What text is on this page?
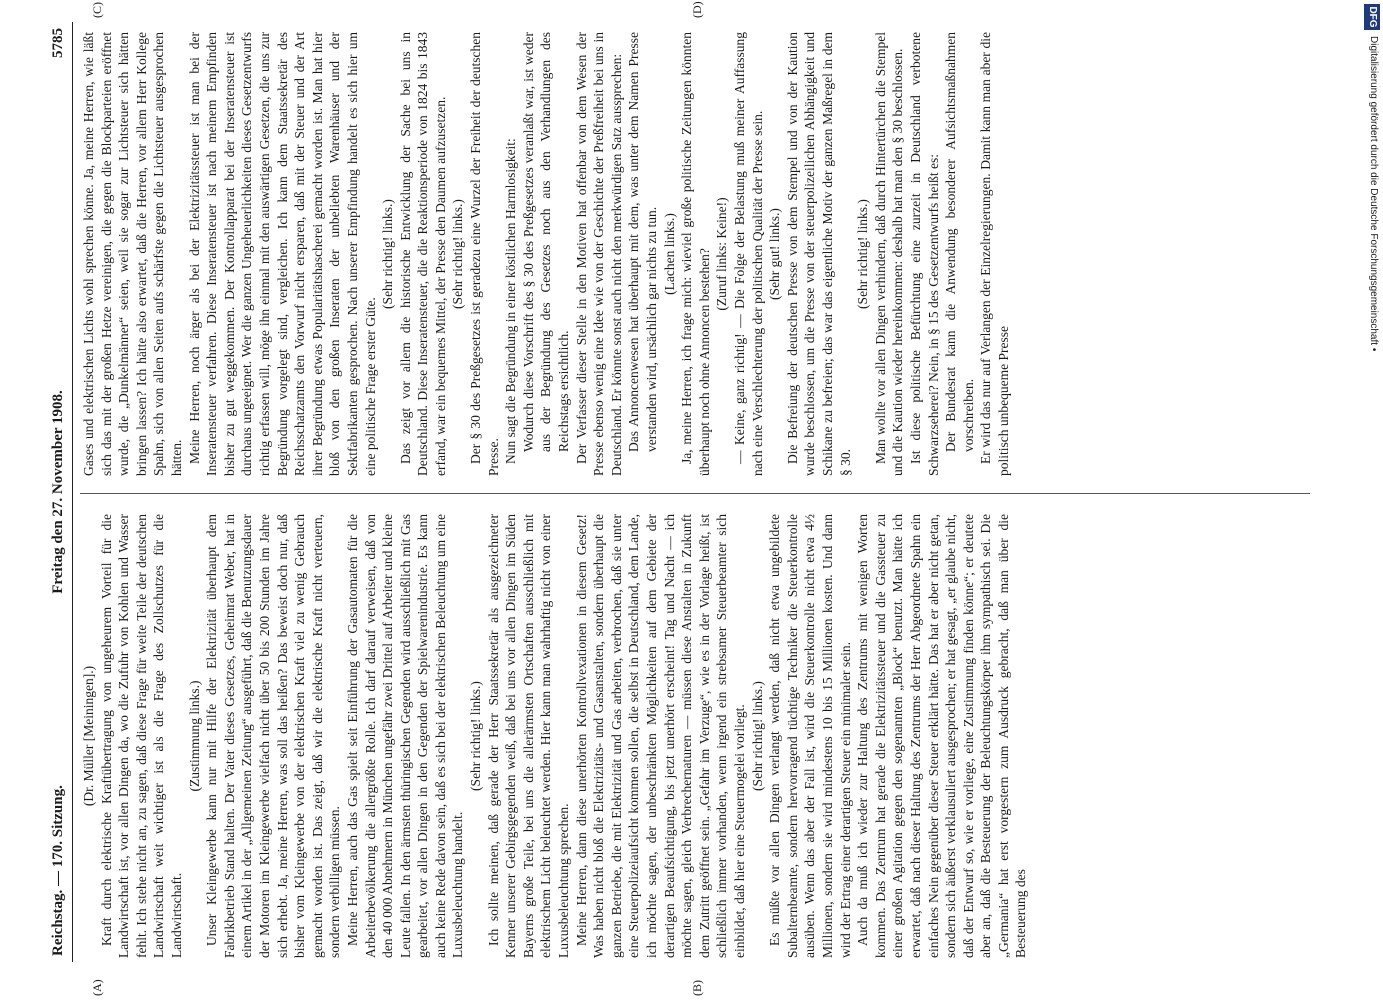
Reichstag. — 170. Sitzung.
Freitag den 27. November 1908.
5785

(Dr. Müller [Meiningen].) Kraft durch elektrische Kraftübertragung von ungeheurem Vorteil für die Landwirtschaft ist, vor allen Dingen da, wo die Zufuhr von Kohlen und Wasser fehlt. Ich stehe nicht an, zu sagen, daß diese Frage für weite Teile der deutschen Landwirtschaft weit wichtiger ist als die Frage des Zollschutzes für die Landwirtschaft.

(Zustimmung links.) Unser Kleingewerbe kann nur mit Hilfe der Elektrizität überhaupt dem Fabrikbetrieb Stand halten. Der Vater dieses Gesetzes, Geheimrat Weber, hat in einem Artikel in der „Allgemeinen Zeitung“ ausgeführt, daß die Benutzungsdauer der Motoren im Kleingewerbe vielfach nicht über 50 bis 200 Stunden im Jahre sich erhebt. Ja, meine Herren, was soll das heißen? Das beweist doch nur, daß bisher vom Kleingewerbe von der elektrischen Kraft viel zu wenig Gebrauch gemacht worden ist. Das zeigt, daß wir die elektrische Kraft nicht verteuern, sondern verbilligen müssen. Meine Herren, auch das Gas spielt seit Einführung der Gasautomaten für die Arbeiterbevölkerung die allergrößte Rolle. Ich darf darauf verweisen, daß von den 40 000 Abnehmern in München ungefähr zwei Drittel auf Arbeiter und kleine Leute fallen. In den ärmsten thüringischen Gegenden wird ausschließlich mit Gas gearbeitet, vor allen Dingen in den Gegenden der Spielwarenindustrie. Es kann auch keine Rede davon sein, daß es sich bei der elektrischen Beleuchtung um eine Luxusbeleuchtung handelt.

(Sehr richtig! links.) Ich sollte meinen, daß gerade der Herr Staatssekretär als ausgezeichneter Kenner unserer Gebirgsgegenden weiß, daß bei uns vor allen Dingen im Süden Bayerns große Teile, bei uns die allerärmsten Ortschaften ausschließlich mit elektrischem Licht beleuchtet werden. Hier kann man wahrhaftig nicht von einer Luxusbeleuchtung sprechen. Meine Herren, dann diese unerhörten Kontrollvexationen in diesem Gesetz! Was haben nicht bloß die Elektrizitäts- und Gasanstalten, sondern überhaupt die ganzen Betriebe, die mit Elektrizität und Gas arbeiten, verbrochen, daß sie unter eine Steuerpolizeiaufsicht kommen sollen, die selbst in Deutschland, dem Lande, ich möchte sagen, der unbeschränkten Möglichkeiten auf dem Gebiete der derartigen Beaufsichtigung, bis jetzt unerhört erscheint! Tag und Nacht — ich möchte sagen, gleich Verbrechernaturen — müssen diese Anstalten in Zukunft dem Zutritt geöffnet sein. „Gefahr im Verzuge“, wie es in der Vorlage heißt, ist schließlich immer vorhanden, wenn irgend ein strebsamer Steuerbeamter sich einbildet, daß hier eine Steuermogelei vorliegt. (Sehr richtig! links.) Es müßte vor allen Dingen verlangt werden, daß nicht etwa ungebildete Subalternbeamte, sondern hervorragend tüchtige Techniker die Steuerkontrolle ausüben. Wenn das aber der Fall ist, wird die Steuerkontrolle nicht etwa 4½ Millionen, sondern sie wird mindestens 10 bis 15 Millionen kosten. Und dann wird der Ertrag einer derartigen Steuer ein minimaler sein. Auch da muß ich wieder zur Haltung des Zentrums mit wenigen Worten kommen. Das Zentrum hat gerade die Elektrizitätssteuer und die Gassteuer zu einer großen Agitation gegen den sogenannten „Block“ benutzt. Man hätte ich erwartet, daß nach dieser Haltung des Zentrums der Herr Abgeordnete Spahn ein einfaches Nein gegenüber dieser Steuer erklärt hätte. Das hat er aber nicht getan, sondern sich äußerst verklausuliert ausgesprochen; er hat gesagt, „er glaube nicht, daß der Entwurf so, wie er vorliege, eine Zustimmung finden könne“; er deutete aber an, daß die Besteuerung der Beleuchtungskörper ihm sympathisch sei. Die „Germania“ hat erst vorgestern zum Ausdruck gebracht, daß man über die Besteuerung des

Gases und elektrischen Lichts wohl sprechen könne. Ja, meine Herren, wie läßt sich das mit der großen Hetze vereinigen, die gegen die Blockparteien eröffnet wurde, die „Dunkelmänner“ seien, weil sie sogar zur Lichtsteuer sich hätten bringen lassen? Ich hätte also erwartet, daß die Herren, vor allem Herr Kollege Spahn, sich von allen Seiten aufs schärfste gegen die Lichtsteuer ausgesprochen hätten. Meine Herren, noch ärger als bei der Elektrizitätssteuer ist man bei der Inseratensteuer verfahren. Diese Inseratensteuer ist nach meinem Empfinden bisher zu gut weggekommen. Der Kontrollapparat bei der Inseratensteuer ist durchaus ungeeignet. Wer die ganzen Ungeheuerlichkeiten dieses Gesetzentwurfs richtig erfassen will, möge ihn einmal mit den auswärtigen Gesetzen, die uns zur Begründung vorgelegt sind, vergleichen. Ich kann dem Staatssekretär des Reichsschatzamts den Vorwurf nicht ersparen, daß mit der Steuer und der Art ihrer Begründung etwas Popularitätshascherei gemacht worden ist. Man hat hier bloß von den großen Inseraten der unbeliebten Warenhäuser und der Sektfabrikanten gesprochen. Nach unserer Empfindung handelt es sich hier um eine politische Frage erster Güte.

(Sehr richtig! links.) Das zeigt vor allem die historische Entwicklung der Sache bei uns in Deutschland. Diese Inseratensteuer, die die Reaktionsperiode von 1824 bis 1843 erfand, war ein bequemes Mittel, der Presse den Daumen aufzusetzen. (Sehr richtig! links.) Der § 30 des Preßgesetzes ist geradezu eine Wurzel der Freiheit der deutschen Presse. Nun sagt die Begründung in einer köstlichen Harmlosigkeit: Wodurch diese Vorschrift des § 30 des Preßgesetzes veranlaßt war, ist weder aus der Begründung des Gesetzes noch aus den Verhandlungen des Reichstags ersichtlich. Der Verfasser dieser Stelle in den Motiven hat offenbar von dem Wesen der Presse ebenso wenig eine Idee wie von der Geschichte der Preßfreiheit bei uns in Deutschland. Er könnte sonst auch nicht den merkwürdigen Satz aussprechen: Das Annoncenwesen hat überhaupt mit dem, was unter dem Namen Presse verstanden wird, ursächlich gar nichts zu tun. (Lachen links.) Ja, meine Herren, ich frage mich: wieviel große politische Zeitungen könnten überhaupt noch ohne Annoncen bestehen? (Zuruf links: Keine!) — Keine, ganz richtig! — Die Folge der Belastung muß meiner Auffassung nach eine Verschlechterung der politischen Qualität der Presse sein. (Sehr gut! links.) Die Befreiung der deutschen Presse von dem Stempel und von der Kaution wurde beschlossen, um die Presse von der steuerpolizeilichen Abhängigkeit und Schikane zu befreien; das war das eigentliche Motiv der ganzen Maßregel in dem § 30.

(Sehr richtig! links.) Man wollte vor allen Dingen verhindern, daß durch Hintertürchen die Stempel und die Kaution wieder hereinkommen: deshalb hat man den § 30 beschlossen. Ist diese politische Befürchtung eine zurzeit in Deutschland verbotene Schwarzseherei? Nein, in § 15 des Gesetzentwurfs heißt es: Der Bundesrat kann die Anwendung besonderer Aufsichtsmaßnahmen vorschreiben. Er wird das nur auf Verlangen der Einzelregierungen. Damit kann man aber die politisch unbequeme Presse

(A)	(B)
(C)	(D)	DFG
Digitalisierung gefördert durch die Deutsche Forschungsgemeinschaft •
